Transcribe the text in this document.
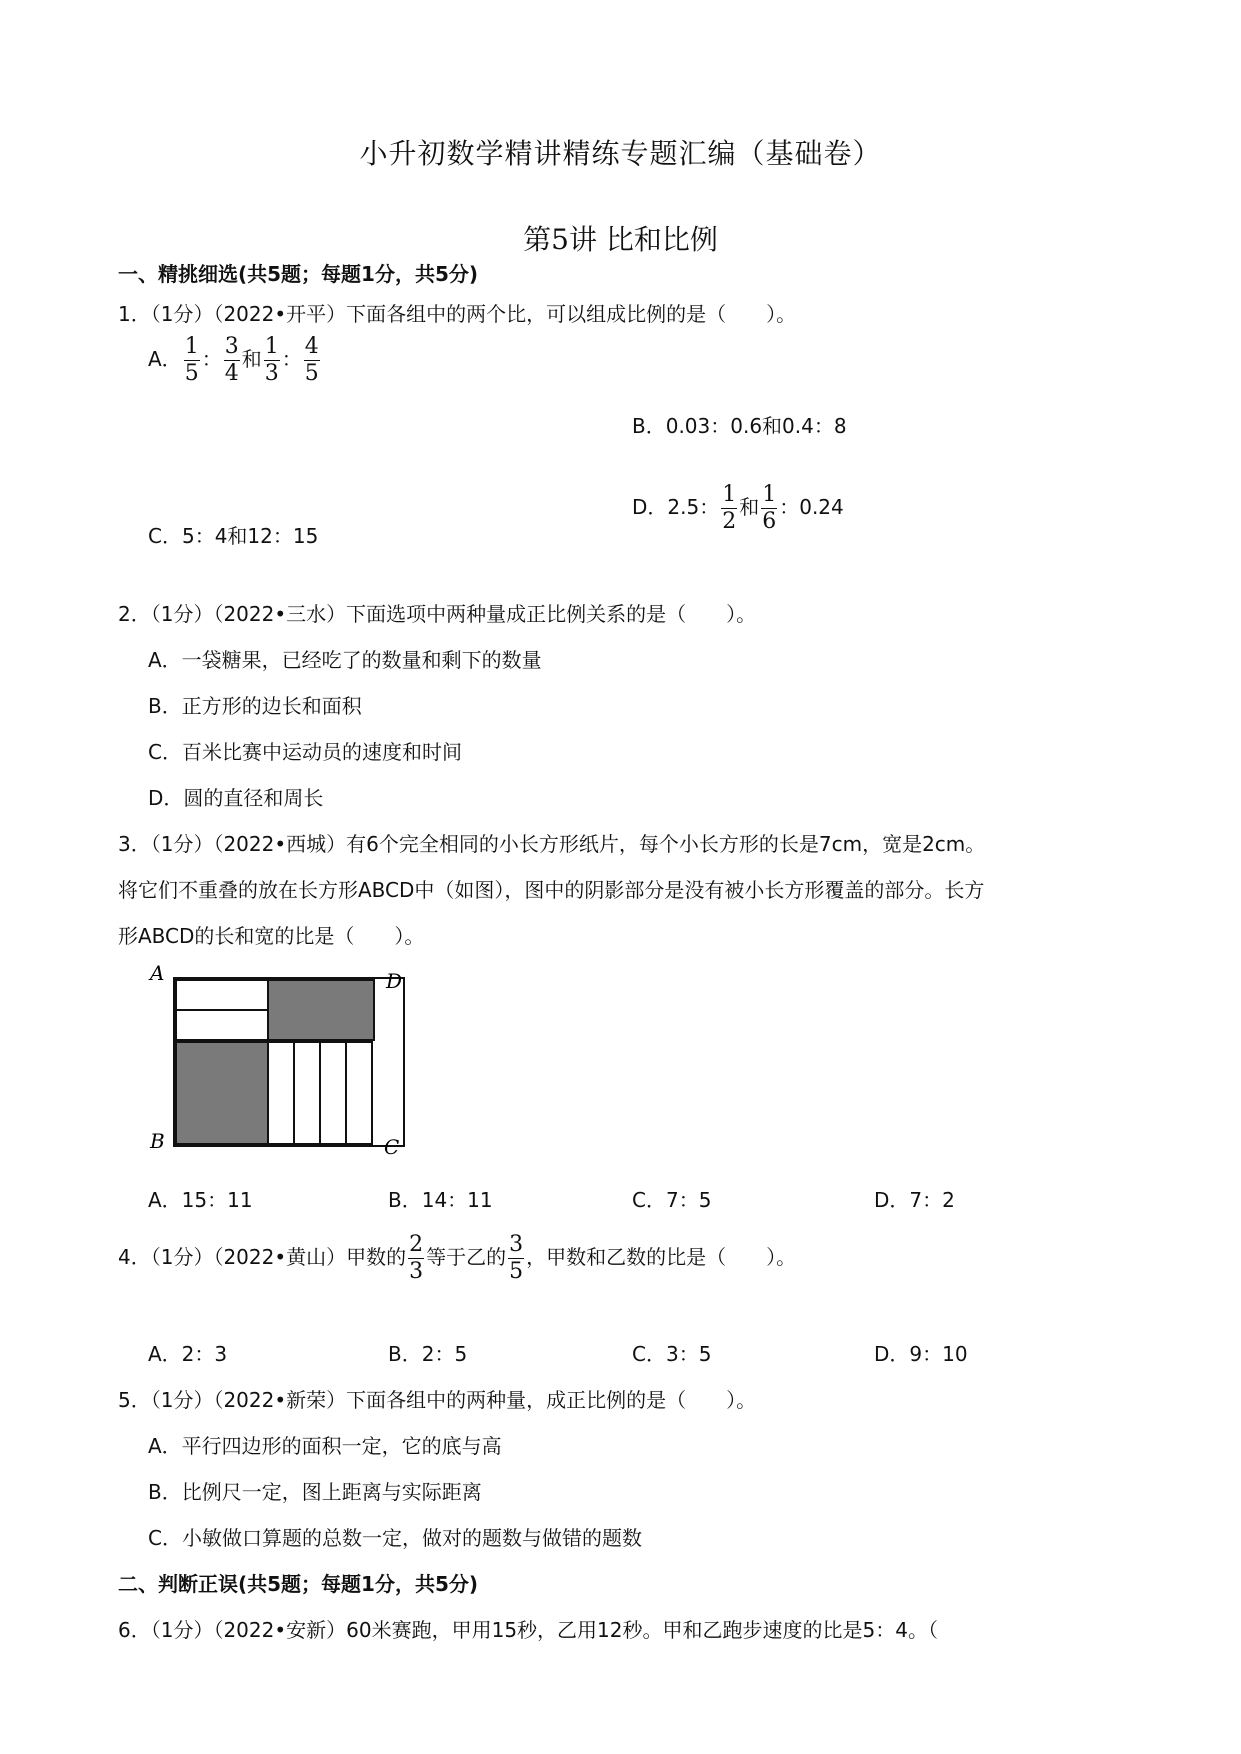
小升初数学精讲精练专题汇编（基础卷）
第5讲 比和比例
一、精挑细选(共5题；每题1分，共5分)
1．（1分）（2022•开平）下面各组中的两个比，可以组成比例的是（　　）。
A． $\frac{1}{5}$ ： $\frac{3}{4}$ 和 $\frac{1}{3}$ ： $\frac{4}{5}$
B．0.03：0.6和0.4：8
C．5：4和12：15
D．2.5： $\frac{1}{2}$ 和 $\frac{1}{6}$ ：0.24
2．（1分）（2022•三水）下面选项中两种量成正比例关系的是（　　）。
A．一袋糖果，已经吃了的数量和剩下的数量
B．正方形的边长和面积
C．百米比赛中运动员的速度和时间
D．圆的直径和周长
3．（1分）（2022•西城）有6个完全相同的小长方形纸片，每个小长方形的长是7cm，宽是2cm。
将它们不重叠的放在长方形ABCD中（如图），图中的阴影部分是没有被小长方形覆盖的部分。长方
形ABCD的长和宽的比是（　　）。
A	D
B	C
A．15：11	B．14：11	C．7：5	D．7：2
4．（1分）（2022•黄山）甲数的 $\frac{2}{3}$ 等于乙的 $\frac{3}{5}$ ，甲数和乙数的比是（　　）。
A．2：3	B．2：5	C．3：5	D．9：10
5．（1分）（2022•新荣）下面各组中的两种量，成正比例的是（　　）。
A．平行四边形的面积一定，它的底与高
B．比例尺一定，图上距离与实际距离
C．小敏做口算题的总数一定，做对的题数与做错的题数
二、判断正误(共5题；每题1分，共5分)
6．（1分）（2022•安新）60米赛跑，甲用15秒，乙用12秒。甲和乙跑步速度的比是5：4。（
